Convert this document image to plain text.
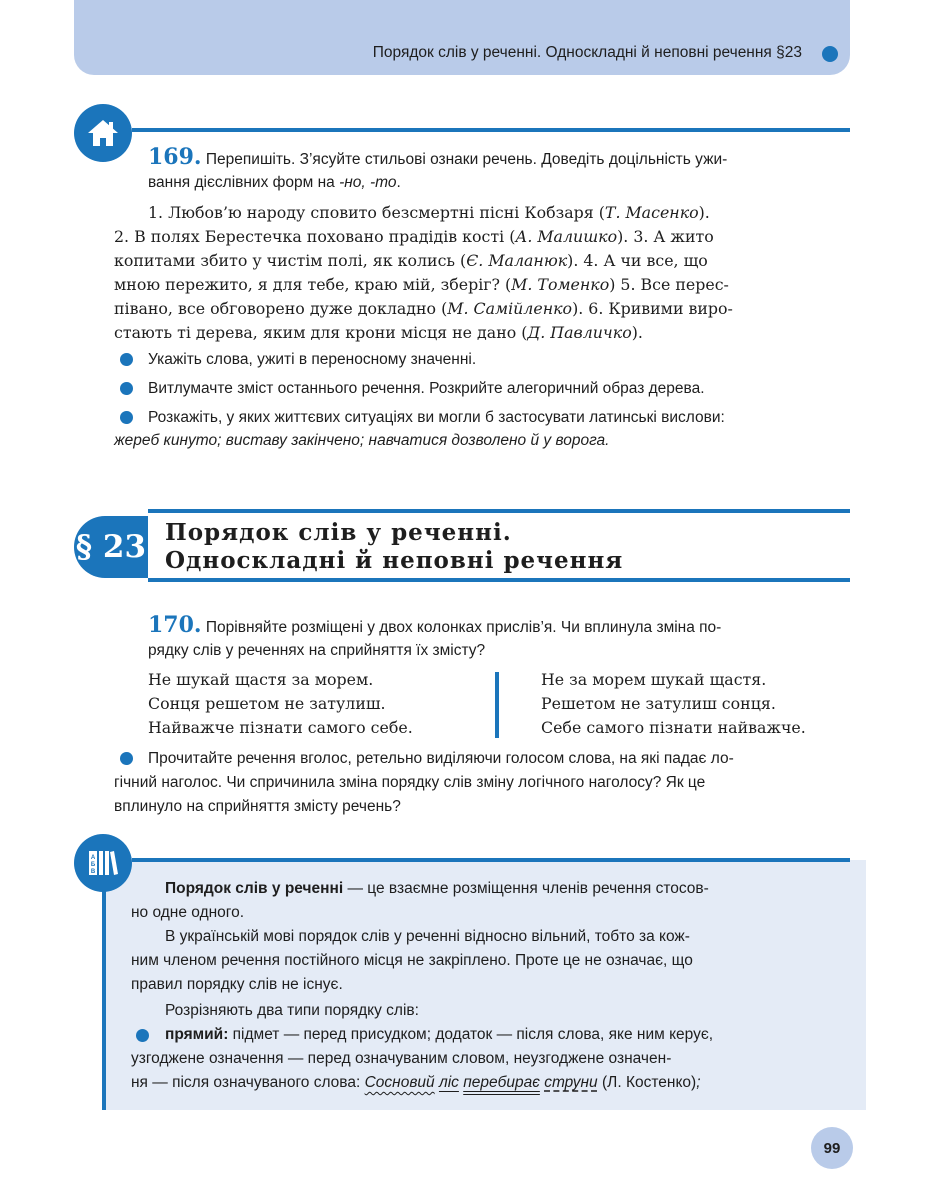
Порядок слів у реченні. Односкладні й неповні речення §23
169. Перепишіть. З’ясуйте стильові ознаки речень. Доведіть доцільність ужи-
вання дієслівних форм на -но, -то.
1. Любов’ю народу сповито безсмертні пісні Кобзаря (Т. Масенко).
2. В полях Берестечка поховано прадідів кості (А. Малишко). 3. А жито
копитами збито у чистім полі, як колись (Є. Маланюк). 4. А чи все, що
мною пережито, я для тебе, краю мій, зберіг? (М. Томенко) 5. Все перес-
півано, все обговорено дуже докладно (М. Самійленко). 6. Кривими виро-
стають ті дерева, яким для крони місця не дано (Д. Павличко).
Укажіть слова, ужиті в переносному значенні.
Витлумачте зміст останнього речення. Розкрийте алегоричний образ дерева.
Розкажіть, у яких життєвих ситуаціях ви могли б застосувати латинські вислови:
жереб кинуто; виставу закінчено; навчатися дозволено й у ворога.
§ 23 Порядок слів у реченні.
Односкладні й неповні речення
170. Порівняйте розміщені у двох колонках прислів’я. Чи вплинула зміна по-
рядку слів у реченнях на сприйняття їх змісту?
Не шукай щастя за морем.
Сонця решетом не затулиш.
Найважче пізнати самого себе.
Не за морем шукай щастя.
Решетом не затулиш сонця.
Себе самого пізнати найважче.
Прочитайте речення вголос, ретельно виділяючи голосом слова, на які падає ло-
гічний наголос. Чи спричинила зміна порядку слів зміну логічного наголосу? Як це
вплинуло на сприйняття змісту речень?
А
Б
В
Порядок слів у реченні — це взаємне розміщення членів речення стосов-
но одне одного.
В українській мові порядок слів у реченні відносно вільний, тобто за кож-
ним членом речення постійного місця не закріплено. Проте це не означає, що
правил порядку слів не існує.
Розрізняють два типи порядку слів:
прямий: підмет — перед присудком; додаток — після слова, яке ним керує,
узгоджене означення — перед означуваним словом, неузгоджене означен-
ня — після означуваного слова: Сосновий ліс перебирає струни (Л. Костенко);
99
